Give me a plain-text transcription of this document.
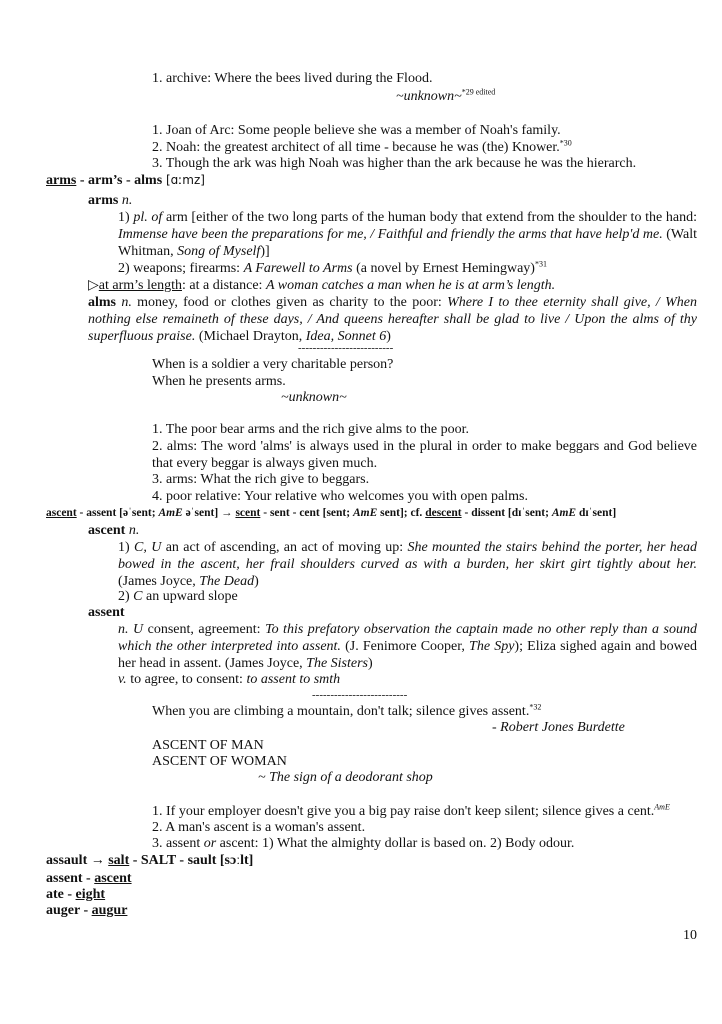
1. archive: Where the bees lived during the Flood.
~unknown~$^{*29 edited}$
1. Joan of Arc: Some people believe she was a member of Noah's family.
2. Noah: the greatest architect of all time - because he was (the) Knower.$^{*30}$
3. Though the ark was high Noah was higher than the ark because he was the hierarch.
arms - arm’s - alms [ɑːmz]
arms n.
1) pl. of arm [either of the two long parts of the human body that extend from the shoulder to the hand: Immense have been the preparations for me, / Faithful and friendly the arms that have help'd me. (Walt Whitman, Song of Myself)]
2) weapons; firearms: A Farewell to Arms (a novel by Ernest Hemingway)$^{*31}$
▷at arm’s length: at a distance: A woman catches a man when he is at arm’s length.
alms n. money, food or clothes given as charity to the poor: Where I to thee eternity shall give, / When nothing else remaineth of these days, / And queens hereafter shall be glad to live / Upon the alms of thy superfluous praise. (Michael Drayton, Idea, Sonnet 6)
--------------------------
When is a soldier a very charitable person?
When he presents arms.
~unknown~
1. The poor bear arms and the rich give alms to the poor.
2. alms: The word 'alms' is always used in the plural in order to make beggars and God believe that every beggar is always given much.
3. arms: What the rich give to beggars.
4. poor relative: Your relative who welcomes you with open palms.
ascent - assent [əˈsent; AmE əˈsent] → scent - sent - cent [sent; AmE sent]; cf. descent - dissent [dɪˈsent; AmE dɪˈsent]
ascent n.
1) C, U an act of ascending, an act of moving up: She mounted the stairs behind the porter, her head bowed in the ascent, her frail shoulders curved as with a burden, her skirt girt tightly about her. (James Joyce, The Dead)
2) C an upward slope
assent
n. U consent, agreement: To this prefatory observation the captain made no other reply than a sound which the other interpreted into assent. (J. Fenimore Cooper, The Spy); Eliza sighed again and bowed her head in assent. (James Joyce, The Sisters)
v. to agree, to consent: to assent to smth
--------------------------
When you are climbing a mountain, don't talk; silence gives assent.$^{*32}$
- Robert Jones Burdette
ASCENT OF MAN
ASCENT OF WOMAN
~ The sign of a deodorant shop
1. If your employer doesn't give you a big pay raise don't keep silent; silence gives a cent.$^{AmE}$
2. A man's ascent is a woman's assent.
3. assent or ascent: 1) What the almighty dollar is based on. 2) Body odour.
assault → salt - SALT - sault [sɔːlt]
assent - ascent
ate - eight
auger - augur
10
